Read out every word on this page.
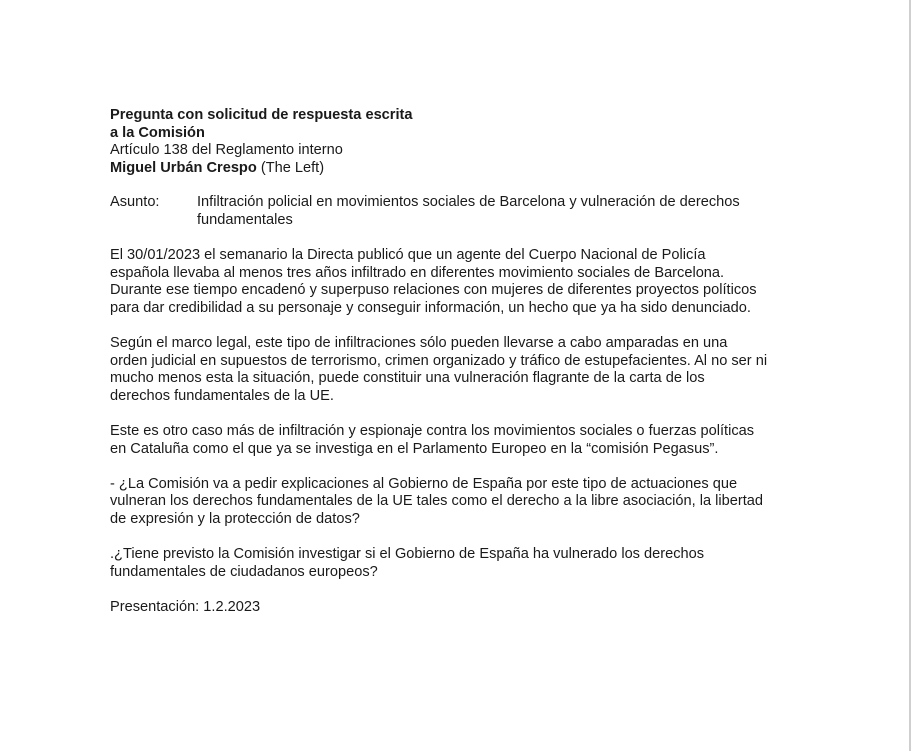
Pregunta con solicitud de respuesta escrita
a la Comisión
Artículo 138 del Reglamento interno
Miguel Urbán Crespo (The Left)
Asunto:	Infiltración policial en movimientos sociales de Barcelona y vulneración de derechos
fundamentales
El 30/01/2023 el semanario la Directa publicó que un agente del Cuerpo Nacional de Policía
española llevaba al menos tres años infiltrado en diferentes movimiento sociales de Barcelona.
Durante ese tiempo encadenó y superpuso relaciones con mujeres de diferentes proyectos políticos
para dar credibilidad a su personaje y conseguir información, un hecho que ya ha sido denunciado.
Según el marco legal, este tipo de infiltraciones sólo pueden llevarse a cabo amparadas en una
orden judicial en supuestos de terrorismo, crimen organizado y tráfico de estupefacientes. Al no ser ni
mucho menos esta la situación, puede constituir una vulneración flagrante de la carta de los
derechos fundamentales de la UE.
Este es otro caso más de infiltración y espionaje contra los movimientos sociales o fuerzas políticas
en Cataluña como el que ya se investiga en el Parlamento Europeo en la “comisión Pegasus”.
- ¿La Comisión va a pedir explicaciones al Gobierno de España por este tipo de actuaciones que
vulneran los derechos fundamentales de la UE tales como el derecho a la libre asociación, la libertad
de expresión y la protección de datos?
.¿Tiene previsto la Comisión investigar si el Gobierno de España ha vulnerado los derechos
fundamentales de ciudadanos europeos?
Presentación: 1.2.2023
